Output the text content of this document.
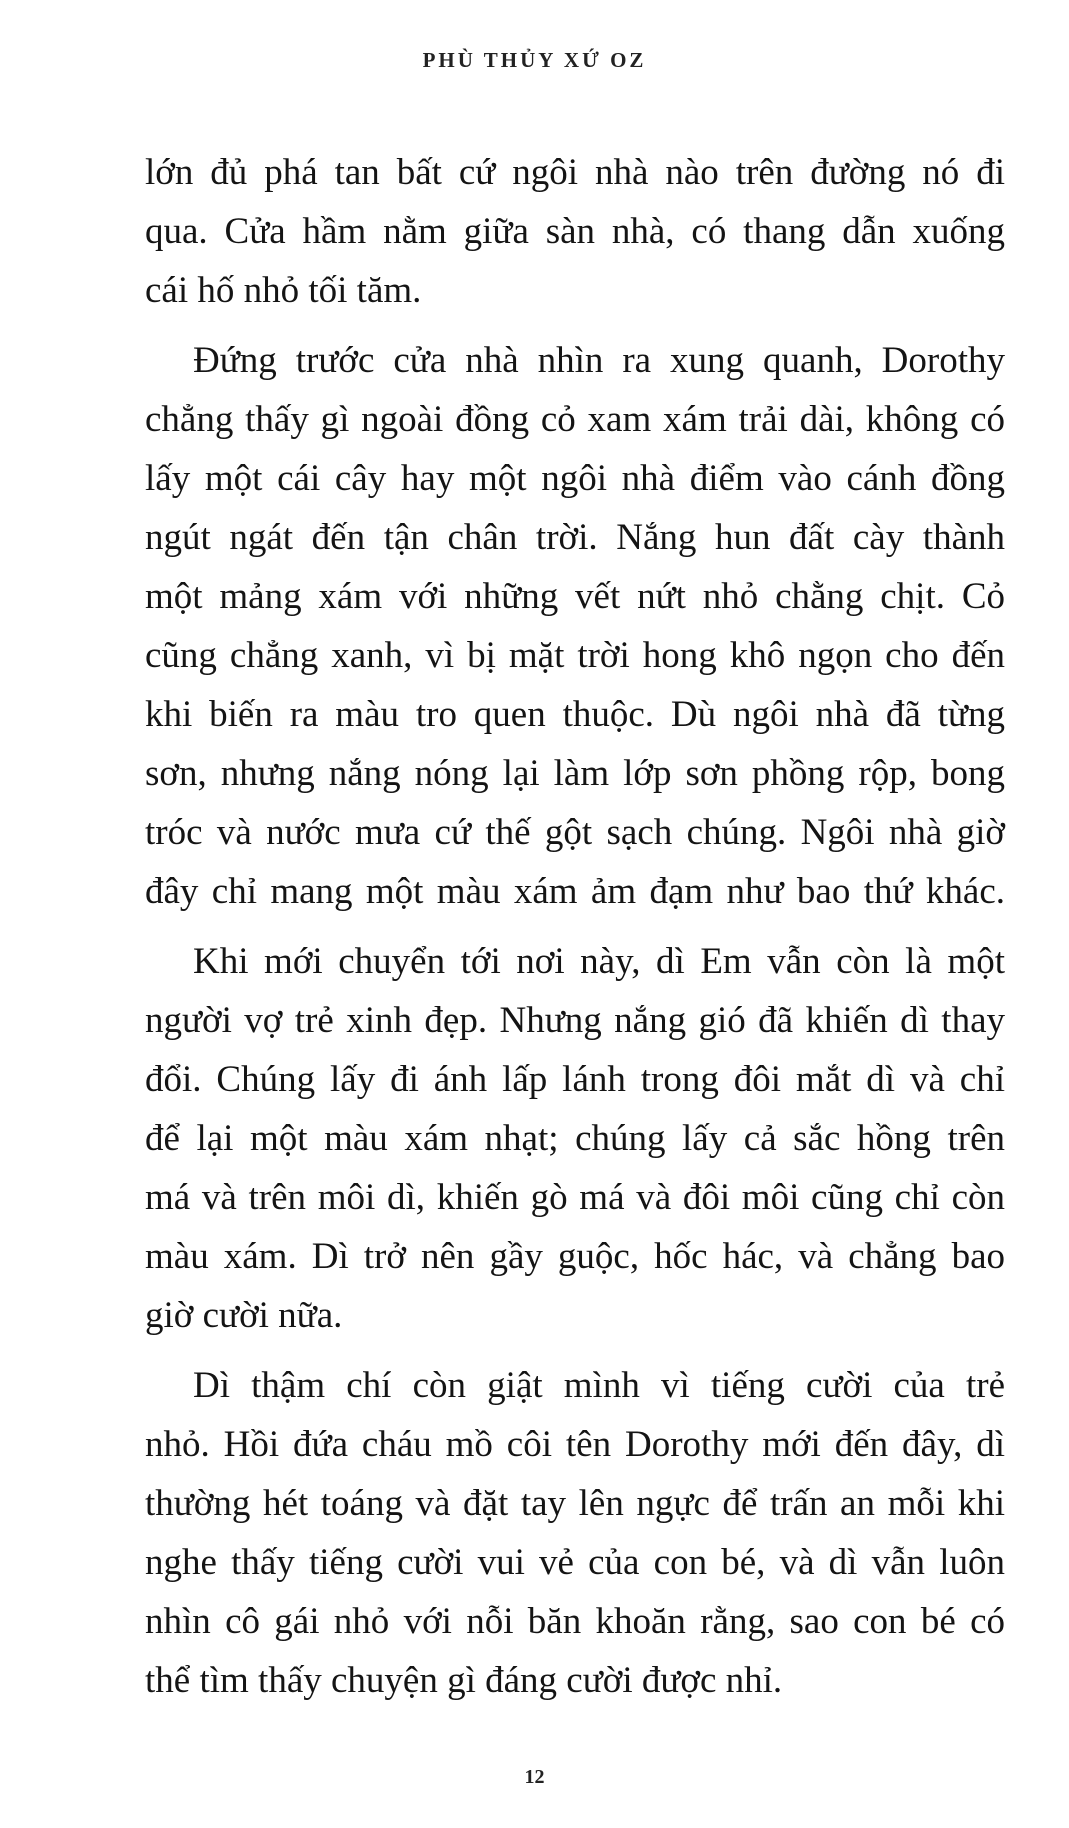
PHÙ THỦY XỨ OZ

lớn đủ phá tan bất cứ ngôi nhà nào trên đường nó đi
qua. Cửa hầm nằm giữa sàn nhà, có thang dẫn xuống
cái hố nhỏ tối tăm.

Đứng trước cửa nhà nhìn ra xung quanh, Dorothy
chẳng thấy gì ngoài đồng cỏ xam xám trải dài, không có
lấy một cái cây hay một ngôi nhà điểm vào cánh đồng
ngút ngát đến tận chân trời. Nắng hun đất cày thành
một mảng xám với những vết nứt nhỏ chằng chịt. Cỏ
cũng chẳng xanh, vì bị mặt trời hong khô ngọn cho đến
khi biến ra màu tro quen thuộc. Dù ngôi nhà đã từng
sơn, nhưng nắng nóng lại làm lớp sơn phồng rộp, bong
tróc và nước mưa cứ thế gột sạch chúng. Ngôi nhà giờ
đây chỉ mang một màu xám ảm đạm như bao thứ khác.

Khi mới chuyển tới nơi này, dì Em vẫn còn là một
người vợ trẻ xinh đẹp. Nhưng nắng gió đã khiến dì thay
đổi. Chúng lấy đi ánh lấp lánh trong đôi mắt dì và chỉ
để lại một màu xám nhạt; chúng lấy cả sắc hồng trên
má và trên môi dì, khiến gò má và đôi môi cũng chỉ còn
màu xám. Dì trở nên gầy guộc, hốc hác, và chẳng bao
giờ cười nữa.

Dì thậm chí còn giật mình vì tiếng cười của trẻ
nhỏ. Hồi đứa cháu mồ côi tên Dorothy mới đến đây, dì
thường hét toáng và đặt tay lên ngực để trấn an mỗi khi
nghe thấy tiếng cười vui vẻ của con bé, và dì vẫn luôn
nhìn cô gái nhỏ với nỗi băn khoăn rằng, sao con bé có
thể tìm thấy chuyện gì đáng cười được nhỉ.

12
